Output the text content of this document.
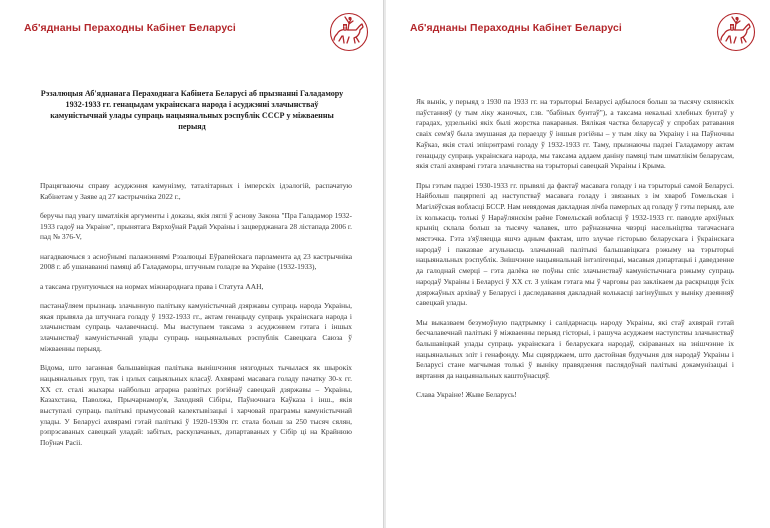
Аб'яднаны Пераходны Кабінет Беларусі
Рэзалюцыя Аб'яднанага Пераходнага Кабінета Беларусі аб прызнанні Галадамору 1932-1933 гг. генацыдам украінскага народа і асуджэнні злачынстваў камуністычнай улады супраць нацыянальных рэспублік СССР у міжваенны перыяд

Працягваючы справу асуджэння камунізму, таталітарных і імперскіх ідэалогій, распачатую Кабінетам у Заяве ад 27 кастрычніка 2022 г.,

беручы пад увагу шматлікія аргументы і доказы, якія ляглі ў аснову Закона "Пра Галадамор 1932-1933 гадоў на Украіне", прынятага Вярхоўнай Радай Украіны і зацверджанага 28 лістапада 2006 г. пад № 376-V,

нагадваючыся з асноўнымі палажэннямі Рэзалюцыі Еўрапейскага парламента ад 23 кастрычніка 2008 г. аб ушанаванні памяці аб Галадаморы, штучным голадзе ва Украіне (1932-1933),

а таксама грунтуючыся на нормах міжнароднага права і Статута ААН,

пастанаўляем прызнаць злачынную палітыку камуністычнай дзяржавы супраць народа Украіны, якая прывяла да штучнага голаду ў 1932-1933 гг., актам генацыду супраць украінскага народа і злачынствам супраць чалавечнасці. Мы выступаем таксама з асуджэннем гэтага і іншых злачынстваў камуністычнай улады супраць нацыянальных рэспублік Савецкага Саюза ў міжваенны перыяд.

Відома, што заганная бальшавіцкая палітыка вынішчэння нязгодных тычылася як шырокіх нацыянальных груп, так і цэлых сацыяльных класаў. Ахвярамі масавага голаду пачатку 30-х гг. ХХ ст. сталі жыхары найбольш аграрна развітых рэгіёнаў савецкай дзяржавы – Украіны, Казахстана, Паволжа, Прычарнамор'я, Заходняй Сібіры, Паўночнага Каўказа і інш., якія выступалі супраць палітыкі прымусовай калектывізацыі і харчовай праграмы камуністычнай улады. У Беларусі ахвярамі гэтай палітыкі ў 1920-1930я гг. стала больш за 250 тысяч сялян, рэпрэсаваных савецкай уладай: забітых, раскулачаных, дэпартаваных у Сібір ці на Крайнюю Поўнач Расіі.

Аб'яднаны Пераходны Кабінет Беларусі

Як вынік, у перыяд з 1930 па 1933 гг. на тэрыторыі Беларусі адбылося больш за тысячу сялянскіх паўстанняў (у тым ліку жаночых, г.зв. "бабіных бунтаў"), а таксама некалькі хлебных бунтаў у гарадах, удзельнікі якіх былі жорстка пакараныя. Вялікая частка беларусаў у спробах ратавання сваіх сем'яў была змушаная да пераезду ў іншыя рэгіёны – у тым ліку ва Украіну і на Паўночны Каўказ, якія сталі эпіцэнтрамі голаду ў 1932-1933 гг. Таму, прызнаючы падзеі Галадамору актам генацыду супраць украінскага народа, мы таксама аддаем даніну памяці тым шматлікім беларусам, якія сталі ахвярамі гэтага злачынства на тэрыторыі савецкай Украіны і Крыма.

Пры гэтым падзеі 1930-1933 гг. прывялі да фактаў масавага голаду і на тэрыторыі самой Беларусі. Найбольш пацярпелі ад наступстваў масавага голаду і звязаных з ім хвароб Гомельская і Магілёўская вобласці БССР. Нам невядомая дакладная лічба памерлых ад голаду ў гэты перыяд, але іх колькасць толькі ў Нараўлянскім раёне Гомельскай вобласці ў 1932-1933 гг. паводле архіўных крыніц склала больш за тысячу чалавек, што раўназначна чвэрці насельніцтва тагачаснага мястэчка. Гэта з'яўляецца яшчэ адным фактам, што злучае гісторыю беларускага і ўкраінскага народаў і паказвае агульнасць злачыннай палітыкі бальшавіцкага рэжыму на тэрыторыі нацыянальных рэспублік. Знішчэнне нацыянальнай інтэлігенцыі, масавыя дэпартацыі і даведзенне да галоднай смерці – гэта далёка не поўны спіс злачынстваў камуністычнага рэжыму супраць народаў Украіны і Беларусі ў ХХ ст. З улікам гэтага мы ў чарговы раз заклікаем да раскрыцця ўсіх дзяржаўных архіваў у Беларусі і даследавання дакладнай колькасці загінуўшых у выніку дзеянняў савецкай улады.

Мы выказваем безумоўную падтрымку і салідарнасць народу Украіны, які стаў ахвярай гэтай бесчалавечнай палітыкі ў міжваенны перыяд гісторыі, і рашуча асуджаем наступствы злачынстваў бальшавіцкай улады супраць украінскага і беларускага народаў, скіраваных на знішчэнне іх нацыянальных эліт і генафонду. Мы сцвярджаем, што дастойная будучыня для народаў Украіны і Беларусі стане магчымая толькі ў выніку правядзення паслядоўнай палітыкі дэкамунізацыі і вяртання да нацыянальных каштоўнасцяў.

Слава Украіне! Жыве Беларусь!
